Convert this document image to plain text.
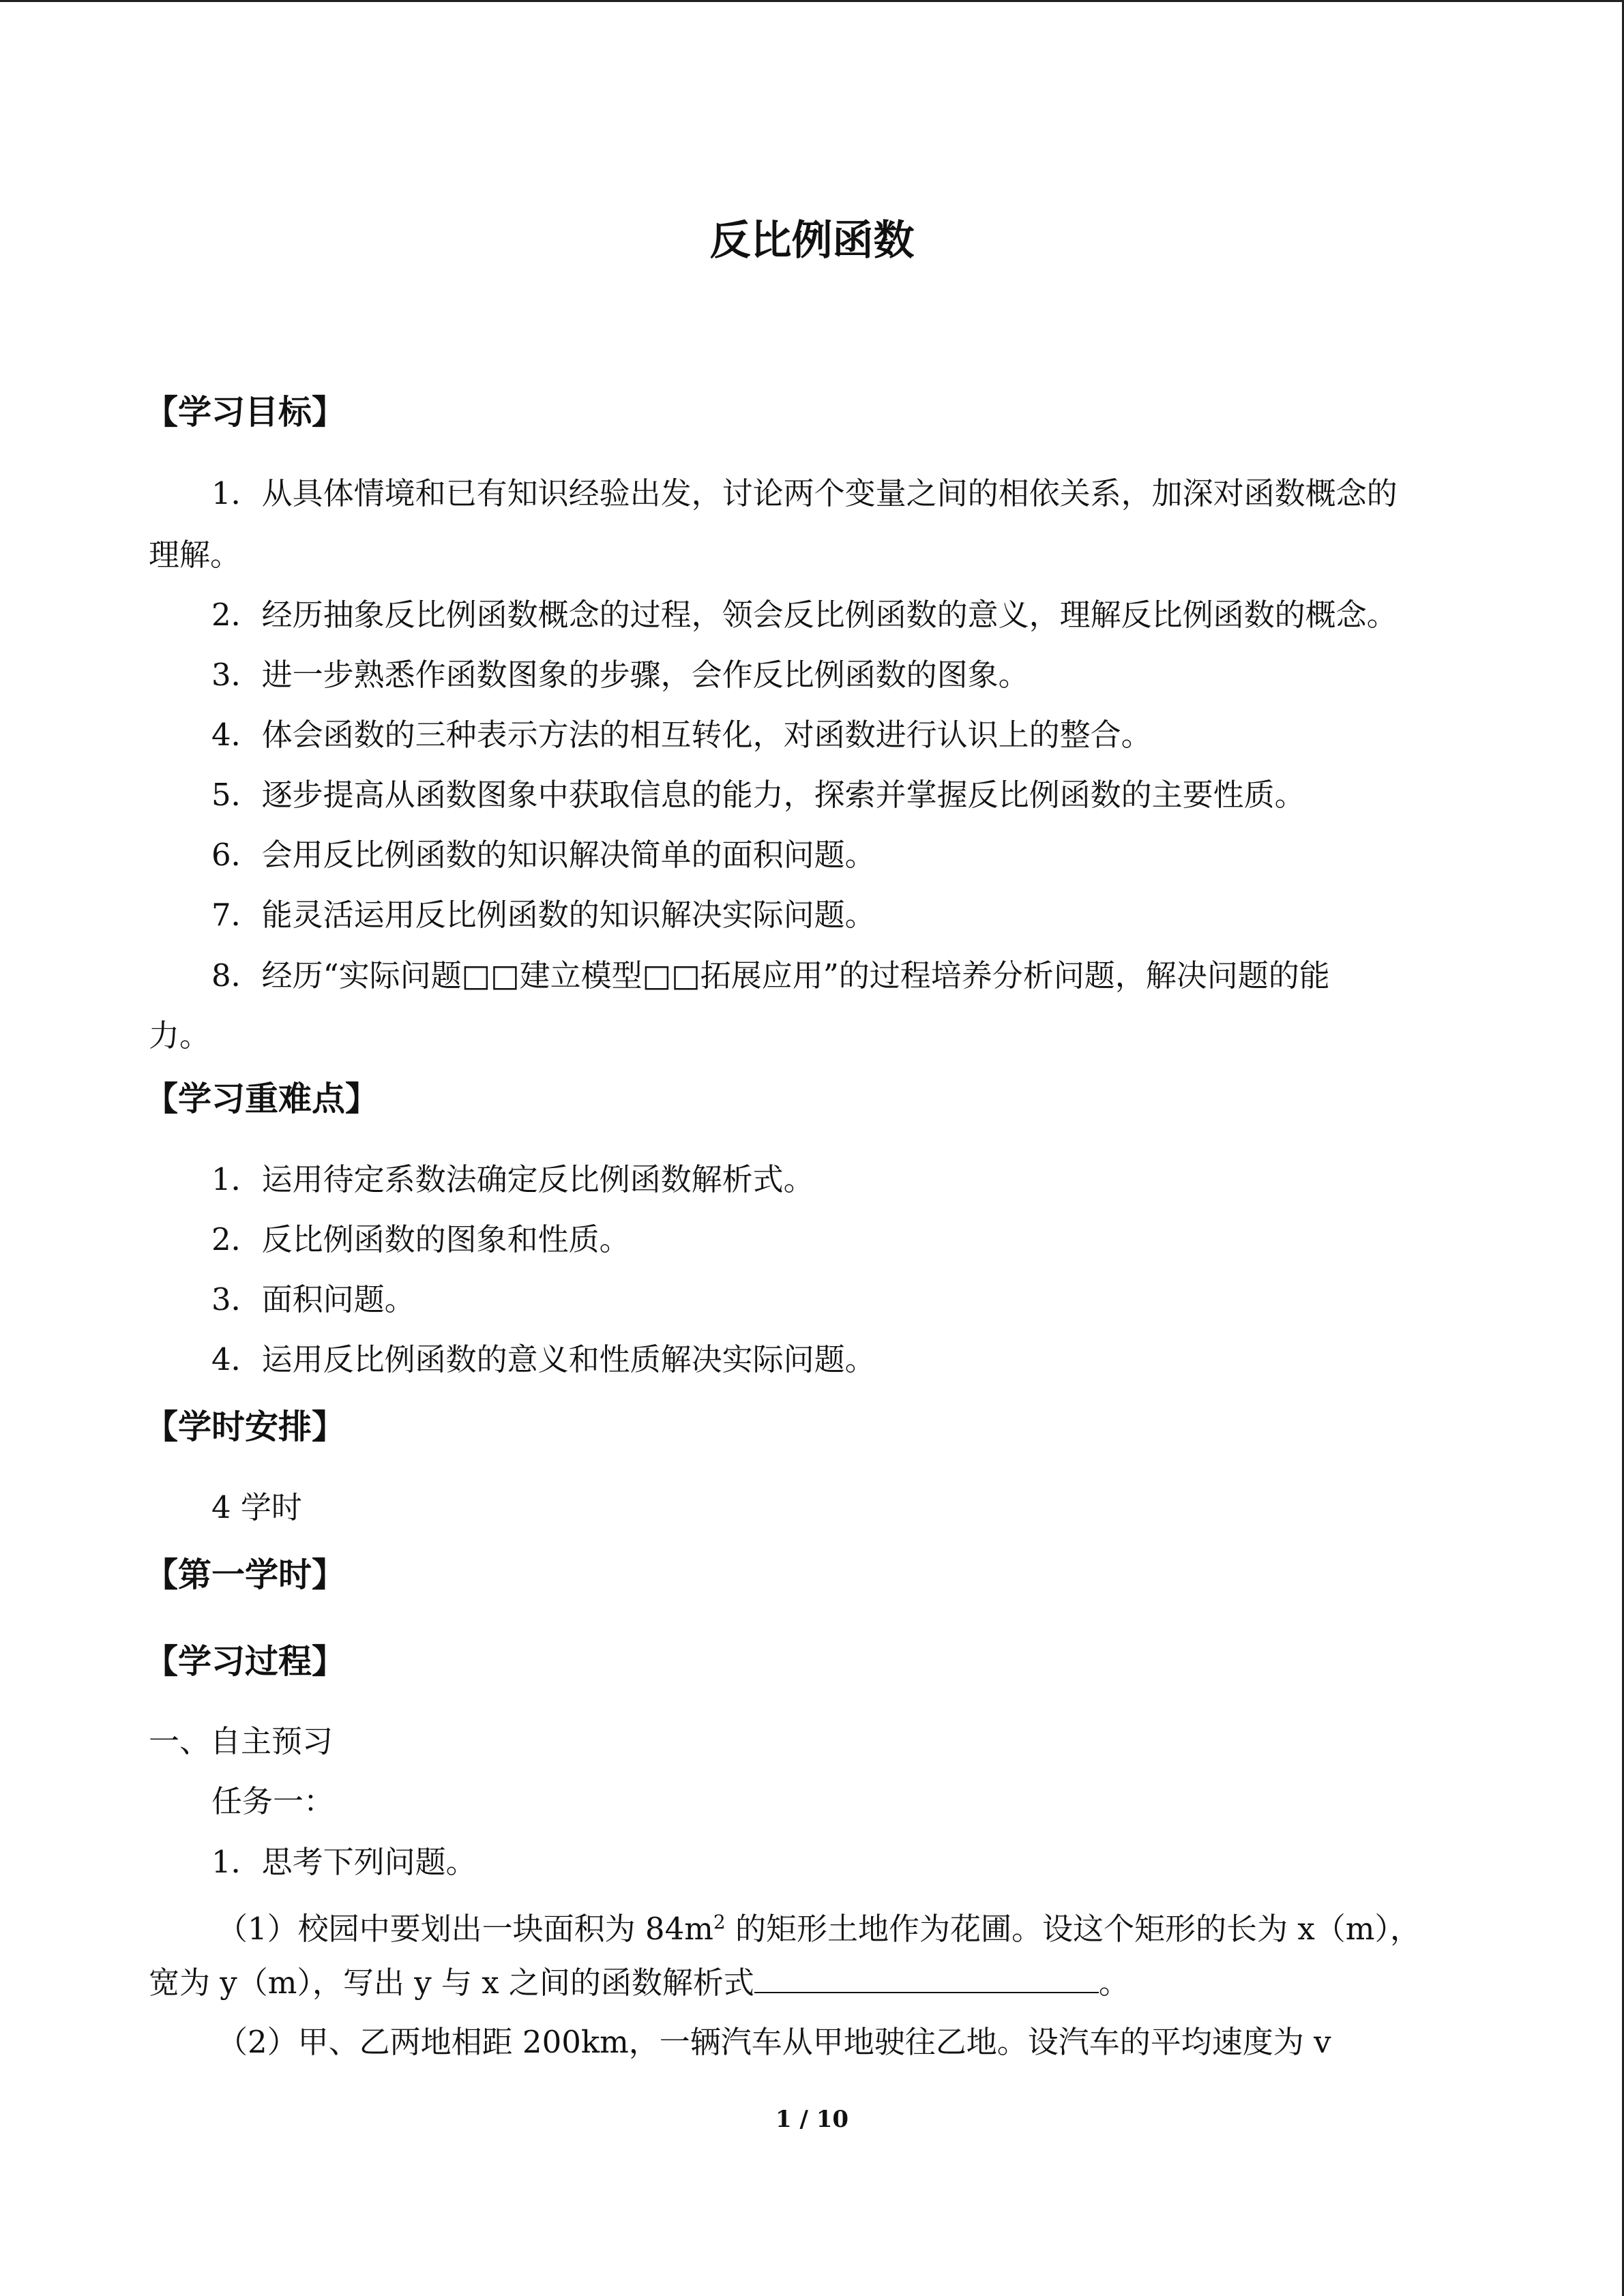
反比例函数
【学习目标】
1．从具体情境和已有知识经验出发，讨论两个变量之间的相依关系，加深对函数概念的
理解。
2．经历抽象反比例函数概念的过程，领会反比例函数的意义，理解反比例函数的概念。
3．进一步熟悉作函数图象的步骤，会作反比例函数的图象。
4．体会函数的三种表示方法的相互转化，对函数进行认识上的整合。
5．逐步提高从函数图象中获取信息的能力，探索并掌握反比例函数的主要性质。
6．会用反比例函数的知识解决简单的面积问题。
7．能灵活运用反比例函数的知识解决实际问题。
8．经历“实际问题□□建立模型□□拓展应用”的过程培养分析问题，解决问题的能
力。
【学习重难点】
1．运用待定系数法确定反比例函数解析式。
2．反比例函数的图象和性质。
3．面积问题。
4．运用反比例函数的意义和性质解决实际问题。
【学时安排】
4 学时
【第一学时】
【学习过程】
一、自主预习
任务一：
1．思考下列问题。
（1）校园中要划出一块面积为 $84m^2$ 的矩形土地作为花圃。设这个矩形的长为 x（m），
宽为 y（m），写出 y 与 x 之间的函数解析式	。
（2）甲、乙两地相距 200km，一辆汽车从甲地驶往乙地。设汽车的平均速度为 v
1 / 10
